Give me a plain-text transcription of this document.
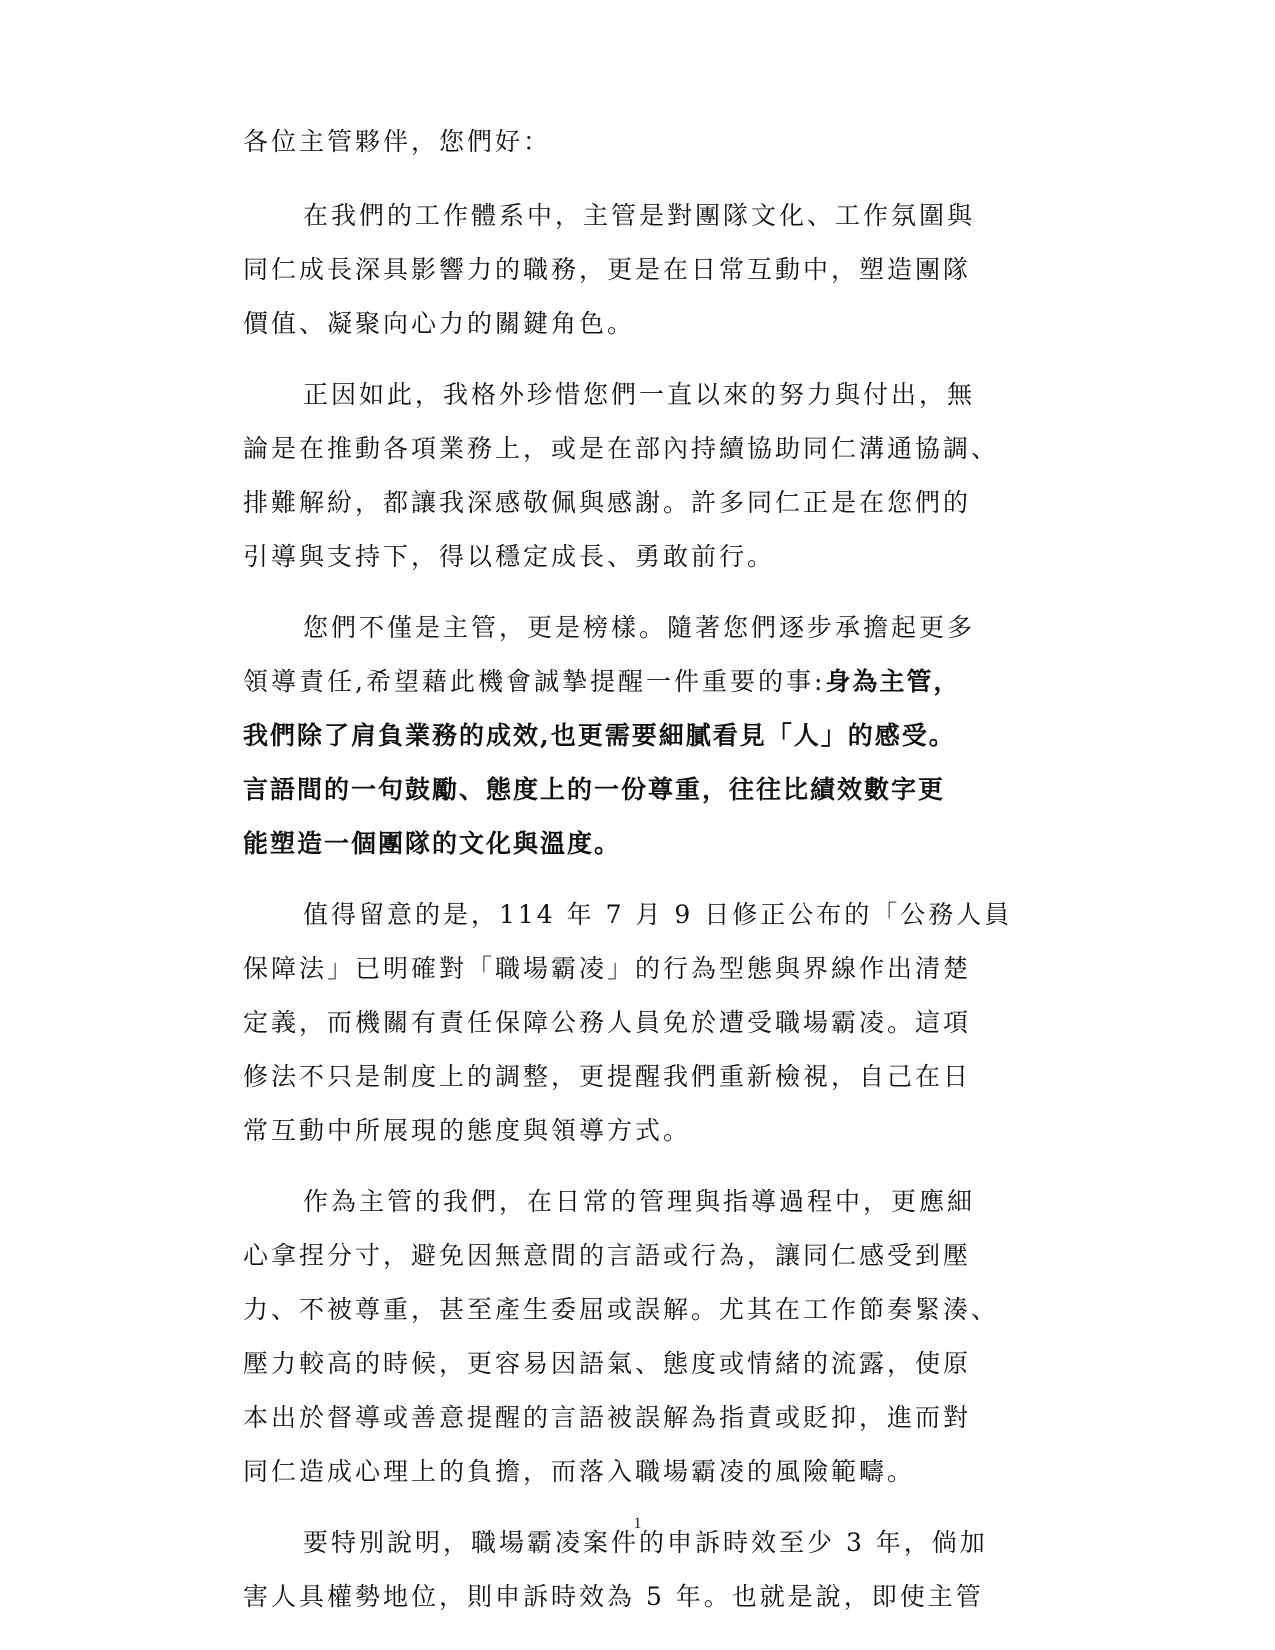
各位主管夥伴，您們好：
在我們的工作體系中，主管是對團隊文化、工作氛圍與
同仁成長深具影響力的職務，更是在日常互動中，塑造團隊
價值、凝聚向心力的關鍵角色。
正因如此，我格外珍惜您們一直以來的努力與付出，無
論是在推動各項業務上，或是在部內持續協助同仁溝通協調、
排難解紛，都讓我深感敬佩與感謝。許多同仁正是在您們的
引導與支持下，得以穩定成長、勇敢前行。
您們不僅是主管，更是榜樣。隨著您們逐步承擔起更多
領導責任,希望藉此機會誠摯提醒一件重要的事:身為主管，
我們除了肩負業務的成效,也更需要細膩看見「人」的感受。
言語間的一句鼓勵、態度上的一份尊重，往往比績效數字更
能塑造一個團隊的文化與溫度。
值得留意的是，114 年 7 月 9 日修正公布的「公務人員
保障法」已明確對「職場霸凌」的行為型態與界線作出清楚
定義，而機關有責任保障公務人員免於遭受職場霸凌。這項
修法不只是制度上的調整，更提醒我們重新檢視，自己在日
常互動中所展現的態度與領導方式。
作為主管的我們，在日常的管理與指導過程中，更應細
心拿捏分寸，避免因無意間的言語或行為，讓同仁感受到壓
力、不被尊重，甚至產生委屈或誤解。尤其在工作節奏緊湊、
壓力較高的時候，更容易因語氣、態度或情緒的流露，使原
本出於督導或善意提醒的言語被誤解為指責或貶抑，進而對
同仁造成心理上的負擔，而落入職場霸凌的風險範疇。
要特別說明，職場霸凌案件的申訴時效至少 3 年，倘加
害人具權勢地位，則申訴時效為 5 年。也就是說，即使主管
1
